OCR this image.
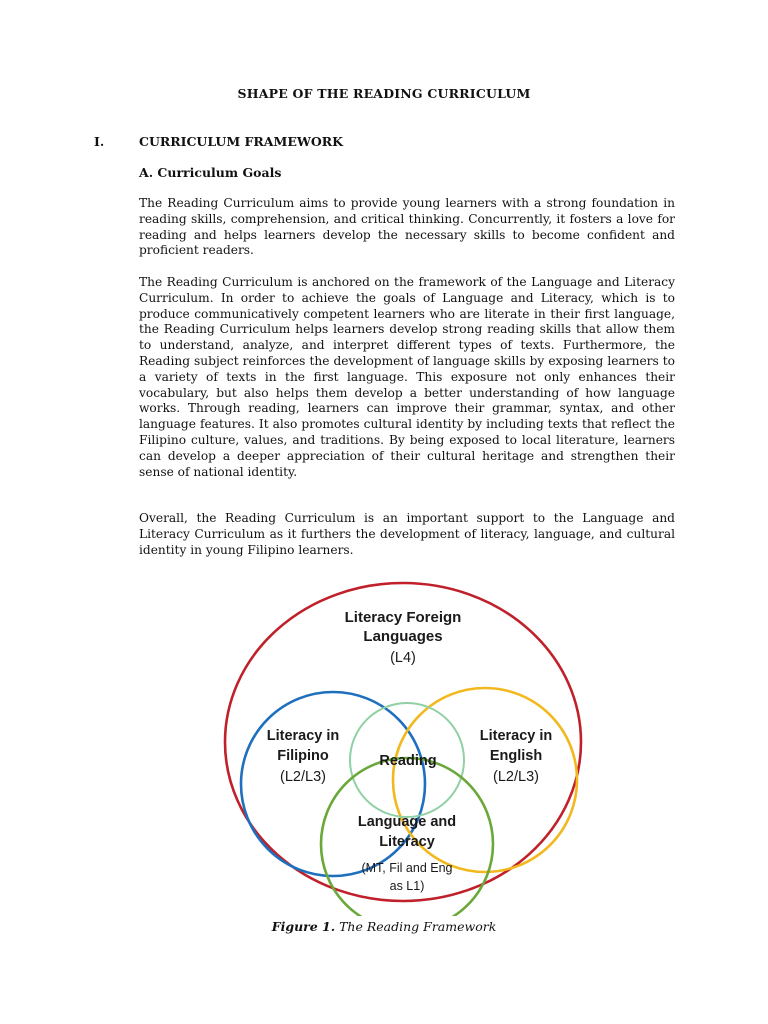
SHAPE OF THE READING CURRICULUM
I.	CURRICULUM FRAMEWORK
A. Curriculum Goals

The Reading Curriculum aims to provide young learners with a strong foundation in reading skills, comprehension, and critical thinking. Concurrently, it fosters a love for reading and helps learners develop the necessary skills to become confident and proficient readers.

The Reading Curriculum is anchored on the framework of the Language and Literacy Curriculum. In order to achieve the goals of Language and Literacy, which is to produce communicatively competent learners who are literate in their first language, the Reading Curriculum helps learners develop strong reading skills that allow them to understand, analyze, and interpret different types of texts. Furthermore, the Reading subject reinforces the development of language skills by exposing learners to a variety of texts in the first language. This exposure not only enhances their vocabulary, but also helps them develop a better understanding of how language works. Through reading, learners can improve their grammar, syntax, and other language features. It also promotes cultural identity by including texts that reflect the Filipino culture, values, and traditions. By being exposed to local literature, learners can develop a deeper appreciation of their cultural heritage and strengthen their sense of national identity.

Overall, the Reading Curriculum is an important support to the Language and Literacy Curriculum as it furthers the development of literacy, language, and cultural identity in young Filipino learners.

Literacy Foreign
Languages
(L4)
Literacy in
Filipino
(L2/L3)
Literacy in
English
(L2/L3)
Reading
Language and
Literacy
(MT, Fil and Eng
as L1)
Figure 1. The Reading Framework
